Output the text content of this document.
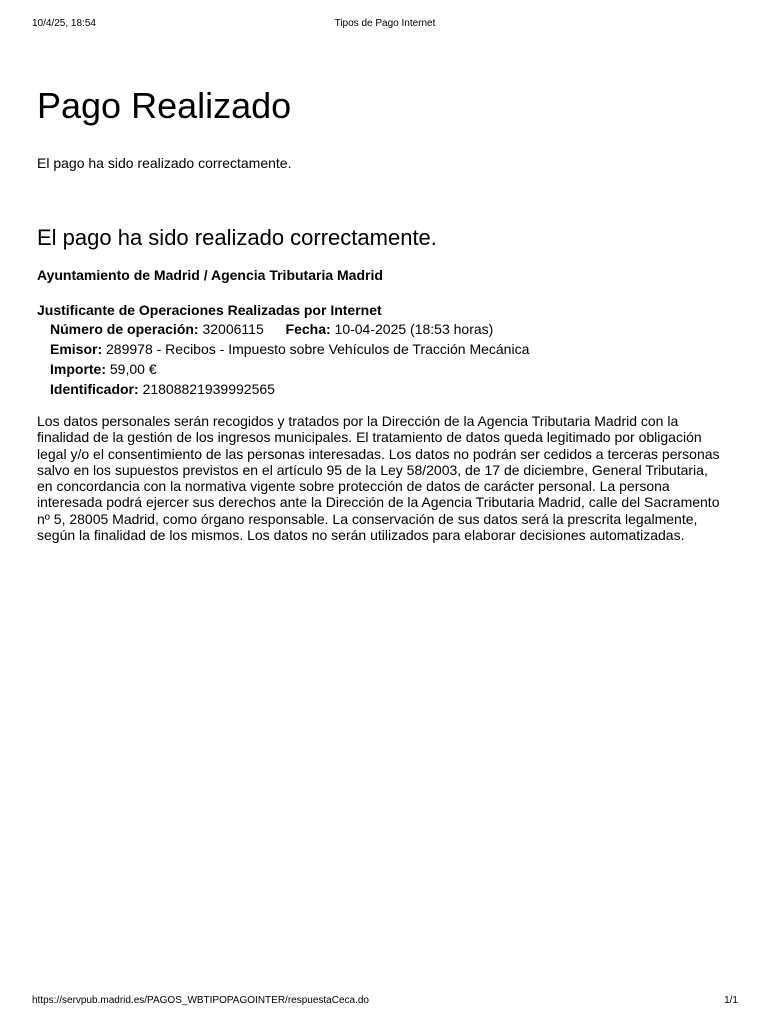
10/4/25, 18:54	Tipos de Pago Internet
Pago Realizado

El pago ha sido realizado correctamente.

El pago ha sido realizado correctamente.

Ayuntamiento de Madrid / Agencia Tributaria Madrid

Justificante de Operaciones Realizadas por Internet

Número de operación: 32006115 Fecha: 10-04-2025 (18:53 horas)
Emisor: 289978 - Recibos - Impuesto sobre Vehículos de Tracción Mecánica
Importe: 59,00 €
Identificador: 21808821939992565

Los datos personales serán recogidos y tratados por la Dirección de la Agencia Tributaria Madrid con la finalidad de la gestión de los ingresos municipales. El tratamiento de datos queda legitimado por obligación legal y/o el consentimiento de las personas interesadas. Los datos no podrán ser cedidos a terceras personas salvo en los supuestos previstos en el artículo 95 de la Ley 58/2003, de 17 de diciembre, General Tributaria, en concordancia con la normativa vigente sobre protección de datos de carácter personal. La persona interesada podrá ejercer sus derechos ante la Dirección de la Agencia Tributaria Madrid, calle del Sacramento nº 5, 28005 Madrid, como órgano responsable. La conservación de sus datos será la prescrita legalmente, según la finalidad de los mismos. Los datos no serán utilizados para elaborar decisiones automatizadas.

https://servpub.madrid.es/PAGOS_WBTIPOPAGOINTER/respuestaCeca.do	1/1
